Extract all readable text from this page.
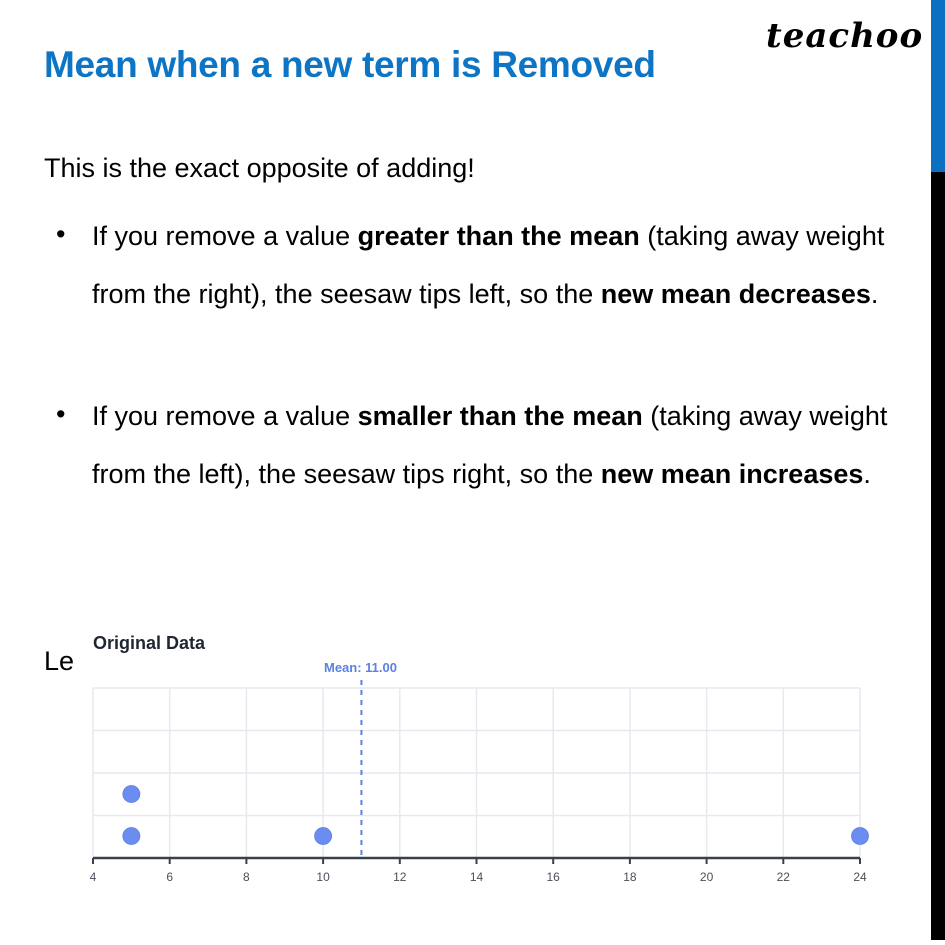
teachoo
Mean when a new term is Removed
This is the exact opposite of adding!
• If you remove a value greater than the mean (taking away weight from the right), the seesaw tips left, so the new mean decreases.
• If you remove a value smaller than the mean (taking away weight from the left), the seesaw tips right, so the new mean increases.
Le
Original Data
Mean: 11.00
4	6	8	10	12	14	16	18	20	22	24
